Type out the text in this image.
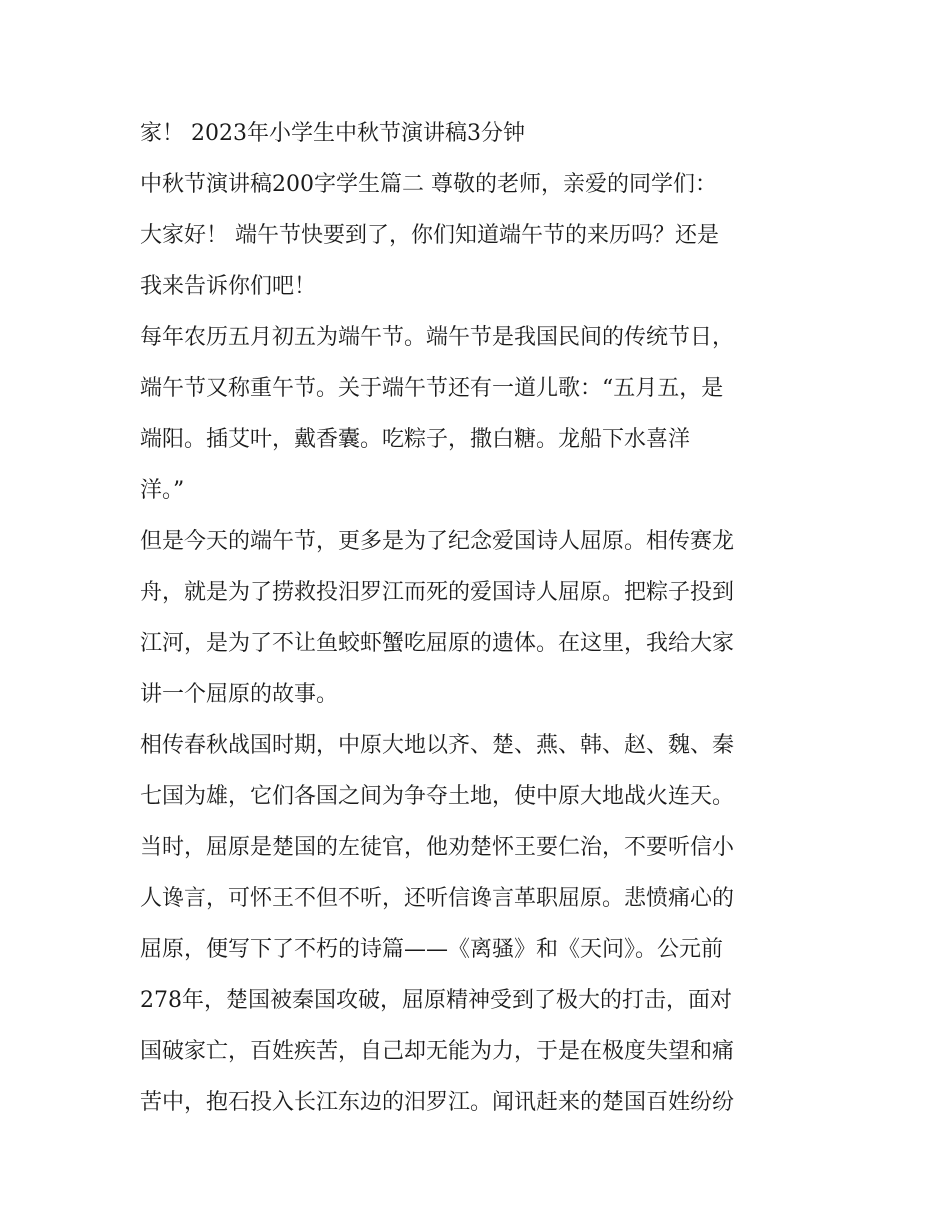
家！ 2023年小学生中秋节演讲稿3分钟
中秋节演讲稿200字学生篇二 尊敬的老师，亲爱的同学们：
大家好！ 端午节快要到了，你们知道端午节的来历吗？还是
我来告诉你们吧！
每年农历五月初五为端午节。端午节是我国民间的传统节日，
端午节又称重午节。关于端午节还有一道儿歌：“五月五，是
端阳。插艾叶，戴香囊。吃粽子，撒白糖。龙船下水喜洋
洋。”
但是今天的端午节，更多是为了纪念爱国诗人屈原。相传赛龙
舟，就是为了捞救投汨罗江而死的爱国诗人屈原。把粽子投到
江河，是为了不让鱼蛟虾蟹吃屈原的遗体。在这里，我给大家
讲一个屈原的故事。
相传春秋战国时期，中原大地以齐、楚、燕、韩、赵、魏、秦
七国为雄，它们各国之间为争夺土地，使中原大地战火连天。
当时，屈原是楚国的左徒官，他劝楚怀王要仁治，不要听信小
人谗言，可怀王不但不听，还听信谗言革职屈原。悲愤痛心的
屈原，便写下了不朽的诗篇——《离骚》和《天问》。公元前
278年，楚国被秦国攻破，屈原精神受到了极大的打击，面对
国破家亡，百姓疾苦，自己却无能为力，于是在极度失望和痛
苦中，抱石投入长江东边的汨罗江。闻讯赶来的楚国百姓纷纷
